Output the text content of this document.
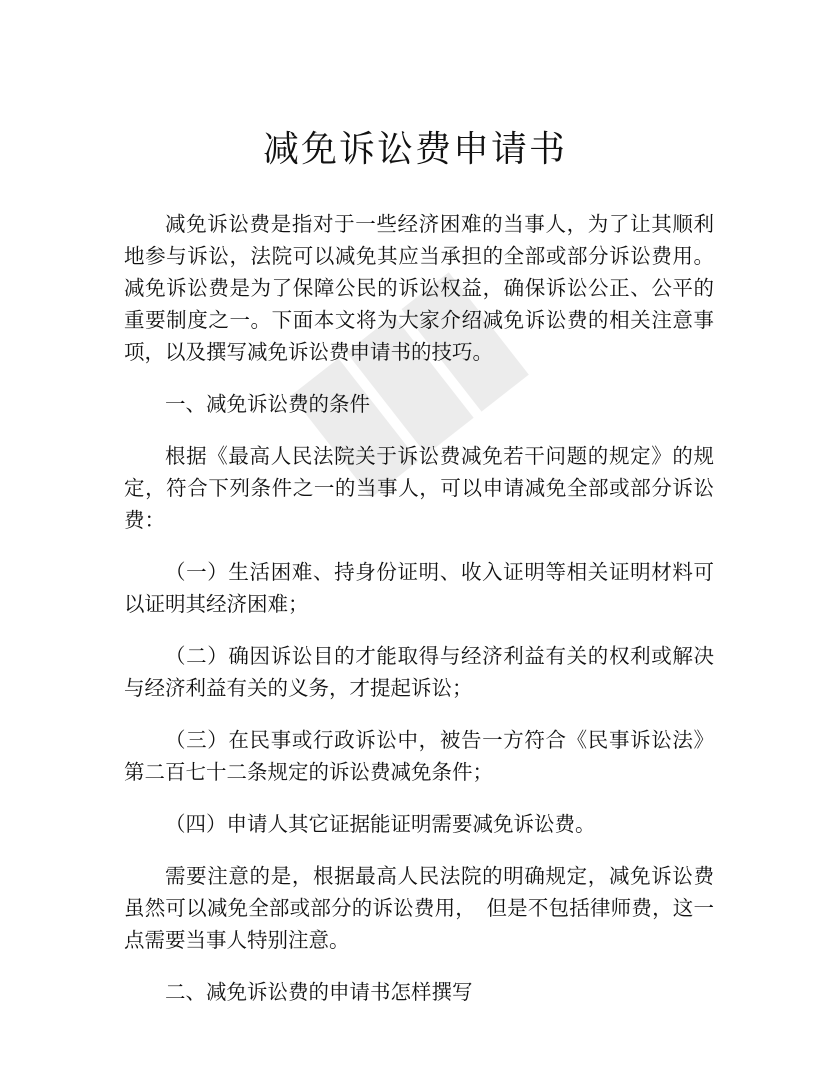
减免诉讼费申请书

减免诉讼费是指对于一些经济困难的当事人，为了让其顺利地参与诉讼，法院可以减免其应当承担的全部或部分诉讼费用。减免诉讼费是为了保障公民的诉讼权益，确保诉讼公正、公平的重要制度之一。下面本文将为大家介绍减免诉讼费的相关注意事项，以及撰写减免诉讼费申请书的技巧。

一、减免诉讼费的条件

根据《最高人民法院关于诉讼费减免若干问题的规定》的规定，符合下列条件之一的当事人，可以申请减免全部或部分诉讼费：

（一）生活困难、持身份证明、收入证明等相关证明材料可以证明其经济困难；

（二）确因诉讼目的才能取得与经济利益有关的权利或解决与经济利益有关的义务，才提起诉讼；

（三）在民事或行政诉讼中，被告一方符合《民事诉讼法》第二百七十二条规定的诉讼费减免条件；

（四）申请人其它证据能证明需要减免诉讼费。

需要注意的是，根据最高人民法院的明确规定，减免诉讼费虽然可以减免全部或部分的诉讼费用，　但是不包括律师费，这一点需要当事人特别注意。

二、减免诉讼费的申请书怎样撰写
